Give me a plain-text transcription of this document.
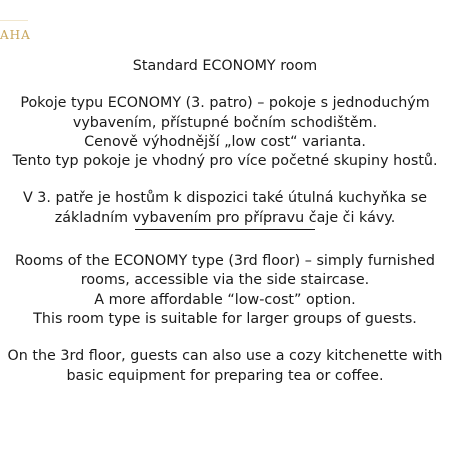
AHA
Standard ECONOMY room
Pokoje typu ECONOMY (3. patro) – pokoje s jednoduchým
vybavením, přístupné bočním schodištěm.
Cenově výhodnější „low cost“ varianta.
Tento typ pokoje je vhodný pro více početné skupiny hostů.
V 3. patře je hostům k dispozici také útulná kuchyňka se
základním vybavením pro přípravu čaje či kávy.
Rooms of the ECONOMY type (3rd floor) – simply furnished
rooms, accessible via the side staircase.
A more affordable “low-cost” option.
This room type is suitable for larger groups of guests.
On the 3rd floor, guests can also use a cozy kitchenette with
basic equipment for preparing tea or coffee.
